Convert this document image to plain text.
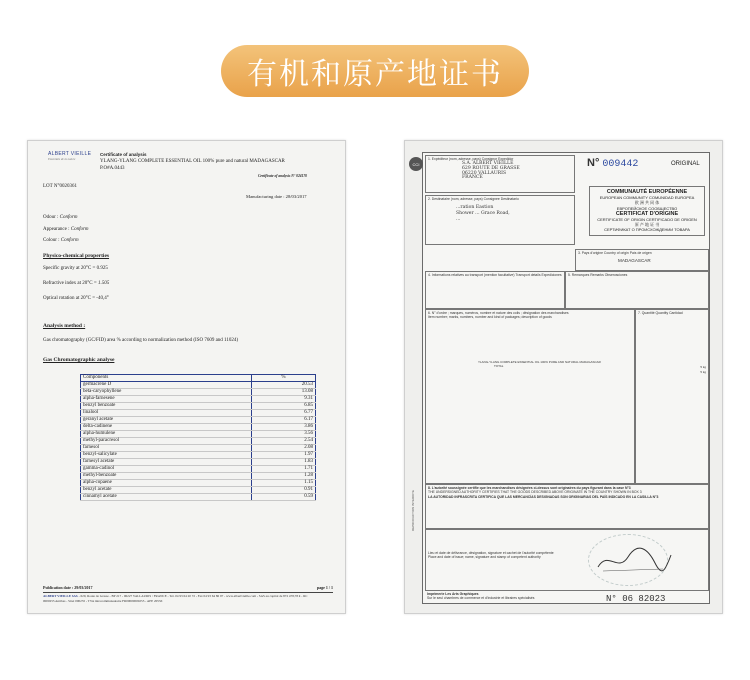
有机和原产地证书
ALBERT VIEILLE
Essentials de la nature
Certificate of analysis
YLANG-YLANG COMPLETE ESSENTIAL OIL 100% pure and natural MADAGASCAR
P.O#A.0443
Certificate of analysis N° 024170
LOT N°0020361
Manufacturing date : 28/03/2017
Odour : Conform
Appearance : Conform
Colour : Conform
Physico-chemical properties
Specific gravity at 20°C = 0.925
Refractive index at 20°C = 1.505
Optical rotation at 20°C = -40,4°
Analysis method :
Gas chromatography (GC/FID) area % according to normalization method (ISO 7609 and 11024)
Gas Chromatographic analyse
Components	%
germacrene D	20.53
beta-caryophyllene	13.08
alpha-farnesene	9.31
benzyl benzoate	6.85
linalool	6.77
geranyl acetate	6.17
delta-cadinene	3.86
alpha-humulene	3.56
methyl-paracresol	2.54
farnesol	2.08
benzyl-salicylate	1.97
farnesyl acetate	1.83
gamma-cadinol	1.71
methyl-benzoate	1.28
alpha-copaene	1.15
benzyl acetate	0.91
cinnamyl acetate	0.59
Publication date : 29/03/2017	page 1 / 1
ALBERT VIEILLE SAS - 629, Route de Grasse - BP 217 - 06227 VALLAURIS / FRANCE - Tel. 04 93 64 20 72 - Fax 04 93 64 86 97 - www.albertvieille.com - SAS au capital de 872 478,78 € - RC
0000255 Antibes - Siret 000255 - TVA intracommunautaire FR00000000255 - APE 2053Z
CCI
1. Expéditeur (nom, adresse, pays) Consignor Expedidor
S.A. ALBERT VIEILLE
629 ROUTE DE GRASSE
06220 VALLAURIS
FRANCE
N° 009442	ORIGINAL
2. Destinataire (nom, adresse, pays) Consignee Destinatario
...ration Eastion
Shower ... Grace Road,
...
COMMUNAUTÉ EUROPÉENNE
EUROPEAN COMMUNITY COMUNIDAD EUROPEA
欧 洲 共 同 体
ЕВРОПЕЙСКОЕ СООБЩЕСТВО
CERTIFICAT D'ORIGINE
CERTIFICATE OF ORIGIN CERTIFICADO DE ORIGEN
原 产 地 证 书
СЕРТИФИКАТ О ПРОИСХОЖДЕНИИ ТОВАРА
3. Pays d'origine Country of origin País de origen
MADAGASCAR
4. Informations relatives au transport (mention facultative) Transport details Expediciones 5. Remarques Remarks Observaciones
6. N° d'ordre ; marques, numéros, nombre et nature des colis ; désignation des marchandises
Item number; marks, numbers, number and kind of packages; description of goods
YLANG-YLANG COMPLETE ESSENTIAL OIL 100% PURE AND NATURAL MADAGASCAR
TOTAL
7. Quantité Quantity Cantidad
5 kg
5 kg
8. L'autorité soussignée certifie que les marchandises désignées ci-dessus sont originaires du pays figurant dans la case N°3
THE UNDERSIGNED AUTHORITY CERTIFIES THAT THE GOODS DESCRIBED ABOVE ORIGINATE IN THE COUNTRY SHOWN IN BOX 3
LA AUTORIDAD INFRASCRITA CERTIFICA QUE LAS MERCANCÍAS DESIGNADAS SON ORIGINARIAS DEL PAÍS INDICADO EN LA CASILLA N°3
Lieu et date de délivrance, désignation, signature et cachet de l'autorité compétente
Place and date of issue; name, signature and stamp of competent authority
Imprimerie Les Arts Graphiques
Sur le seul chambres de commerce et d'industrie et libraires spécialisés	N° 06 82023
REPRODUCTION INTERDITE
